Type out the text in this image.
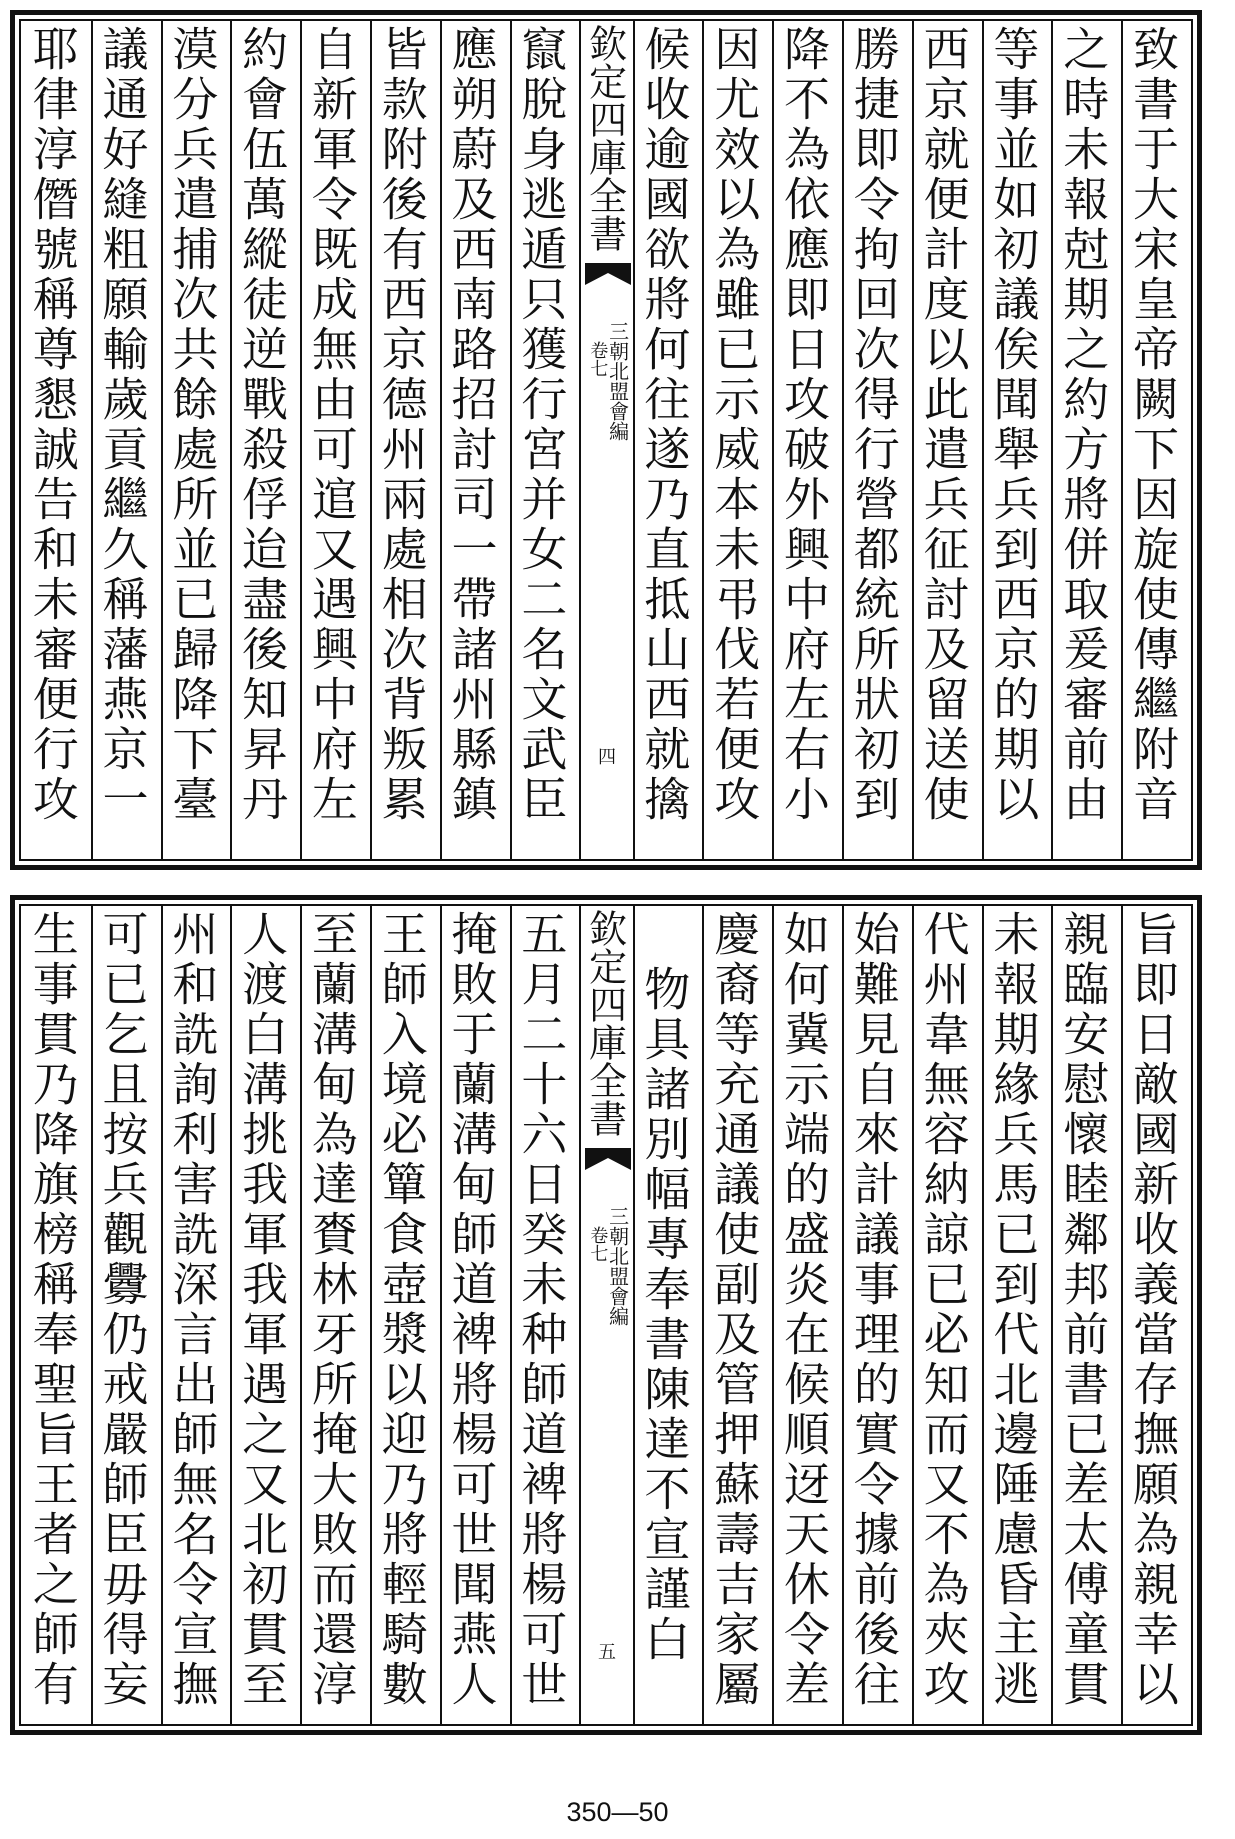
致書于大宋皇帝闕下因旋使傳繼附音
之時未報尅期之約方將併取爰審前由
等事並如初議俟聞舉兵到西京的期以
西京就便計度以此遣兵征討及留送使
勝捷即令拘回次得行營都統所狀初到
降不為依應即日攻破外興中府左右小
因尤效以為雖已示威本未弔伐若便攻
候收逾國欲將何往遂乃直抵山西就擒
欽定四庫全書
三朝北盟會編
卷七
四
竄脫身逃遁只獲行宮并女二名文武臣
應朔蔚及西南路招討司一帶諸州縣鎮
皆款附後有西京德州兩處相次背叛累
自新軍令既成無由可逭又遇興中府左
約會伍萬縱徒逆戰殺俘迨盡後知昇丹
漠分兵遣捕次共餘處所並已歸降下臺
議通好縫粗願輸歲貢繼久稱藩燕京一
耶律淳僭號稱尊懇誠告和未審便行攻
旨即日敵國新收義當存撫願為親幸以
親臨安慰懷睦鄰邦前書已差太傅童貫
未報期緣兵馬已到代北邊陲慮昏主逃
代州韋無容納諒已必知而又不為夾攻
始難見自來計議事理的實令據前後往
如何冀示端的盛炎在候順迓天休令差
慶裔等充通議使副及管押蘇壽吉家屬
物具諸別幅專奉書陳達不宣謹白
欽定四庫全書
三朝北盟會編
卷七
五
五月二十六日癸未种師道裨將楊可世
掩敗于蘭溝甸師道裨將楊可世聞燕人
王師入境必簞食壺漿以迎乃將輕騎數
至蘭溝甸為達賚林牙所掩大敗而還淳
人渡白溝挑我軍我軍遇之又北初貫至
州和詵詢利害詵深言出師無名令宣撫
可已乞且按兵觀釁仍戒嚴師臣毋得妄
生事貫乃降旗榜稱奉聖旨王者之師有
350—50
